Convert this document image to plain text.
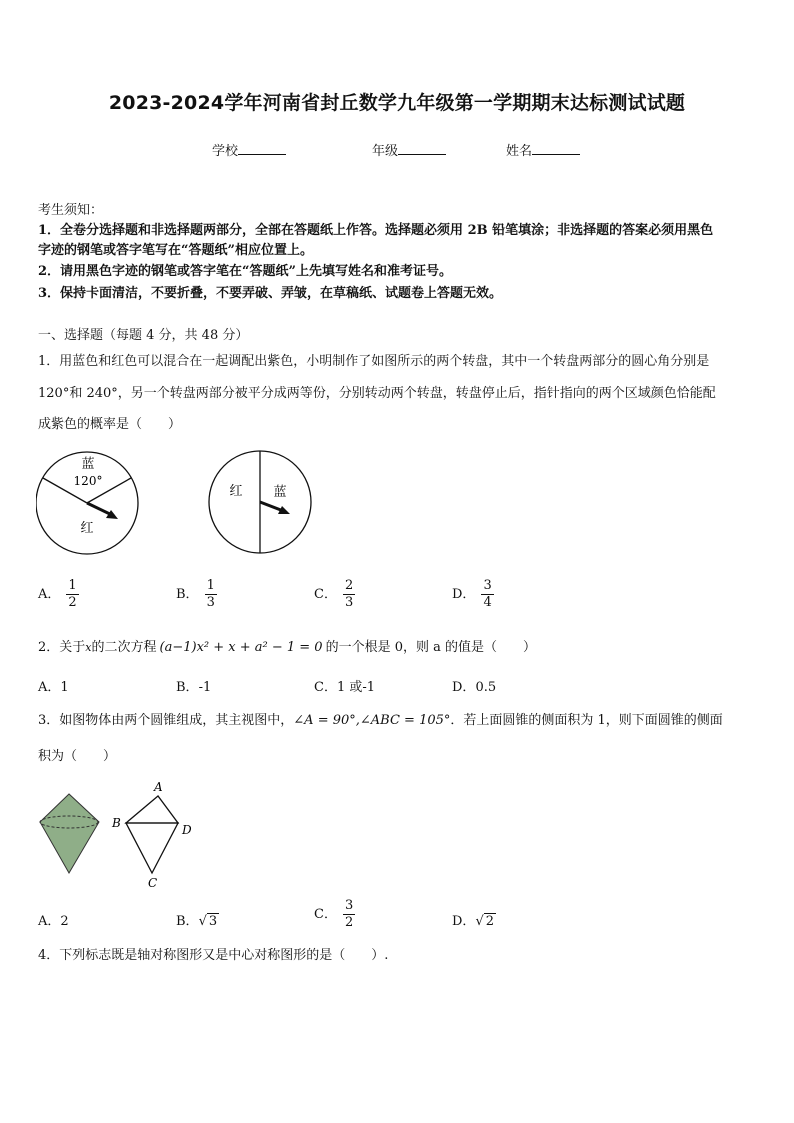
2023-2024学年河南省封丘数学九年级第一学期期末达标测试试题
学校	年级	姓名
考生须知：
1．全卷分选择题和非选择题两部分，全部在答题纸上作答。选择题必须用 2B 铅笔填涂；非选择题的答案必须用黑色
字迹的钢笔或答字笔写在“答题纸”相应位置上。
2．请用黑色字迹的钢笔或答字笔在“答题纸”上先填写姓名和准考证号。
3．保持卡面清洁，不要折叠，不要弄破、弄皱，在草稿纸、试题卷上答题无效。
一、选择题（每题 4 分，共 48 分）
1．用蓝色和红色可以混合在一起调配出紫色，小明制作了如图所示的两个转盘，其中一个转盘两部分的圆心角分别是
120°和 240°，另一个转盘两部分被平分成两等份，分别转动两个转盘，转盘停止后，指针指向的两个区域颜色恰能配
成紫色的概率是（　　）
蓝
120°
红
红 蓝
A． $\frac{1}{2}$	B． $\frac{1}{3}$	C． $\frac{2}{3}$	D． $\frac{3}{4}$
2．关于$^x$的二次方程 (a−1)x² + x + a² − 1 = 0 的一个根是 0，则 a 的值是（　　）
A．1	B．-1	C．1 或-1	D．0.5
3．如图物体由两个圆锥组成，其主视图中，∠A = 90°,∠ABC = 105°．若上面圆锥的侧面积为 1，则下面圆锥的侧面
积为（　　）
A
B	D
C
A．2	B．√ 3	C． $\frac{3}{2}$	D．√ 2
4．下列标志既是轴对称图形又是中心对称图形的是（　　）.
